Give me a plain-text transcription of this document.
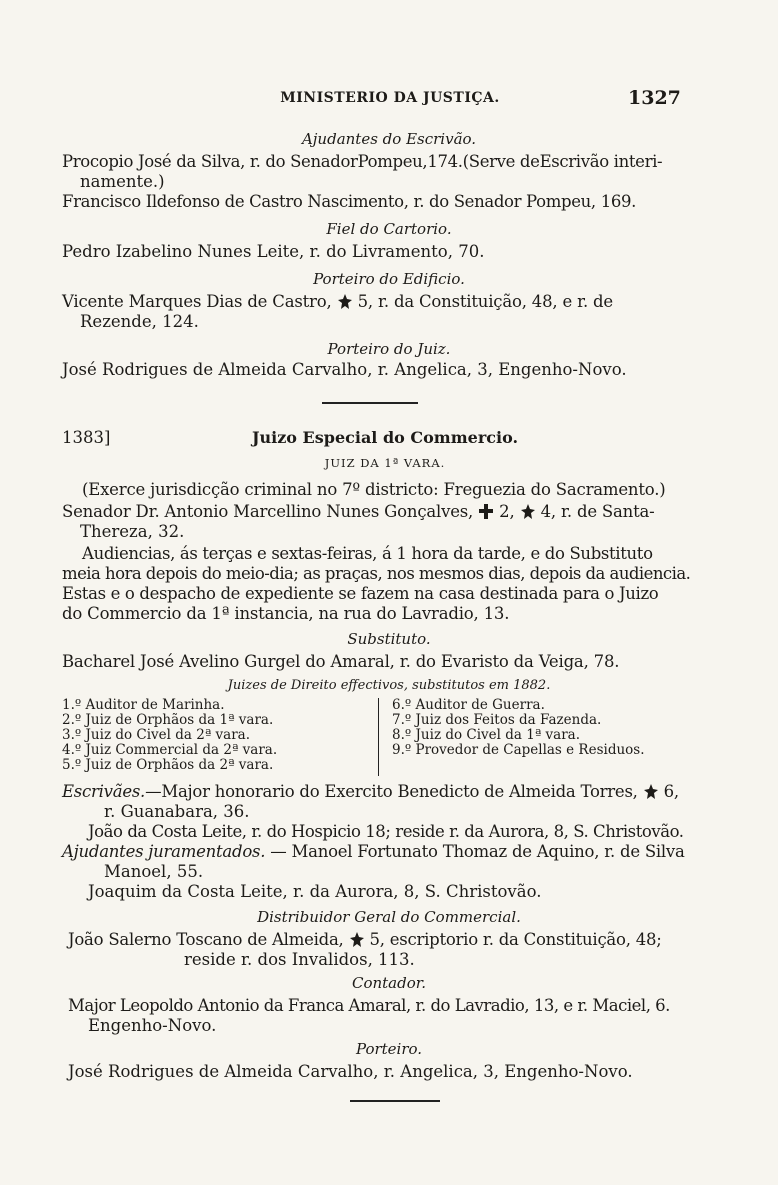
MINISTERIO DA JUSTIÇA.	1327
Ajudantes do Escrivão.
Procopio José da Silva, r. do SenadorPompeu,174.(Serve deEscrivão interi-
namente.)
Francisco Ildefonso de Castro Nascimento, r. do Senador Pompeu, 169.
Fiel do Cartorio.
Pedro Izabelino Nunes Leite, r. do Livramento, 70.
Porteiro do Edificio.
Vicente Marques Dias de Castro, 5, r. da Constituição, 48, e r. de
Rezende, 124.
Porteiro do Juiz.
José Rodrigues de Almeida Carvalho, r. Angelica, 3, Engenho-Novo.
1383]	Juizo Especial do Commercio.
JUIZ DA 1ª VARA.
(Exerce jurisdicção criminal no 7º districto: Freguezia do Sacramento.)
Senador Dr. Antonio Marcellino Nunes Gonçalves, 2, 4, r. de Santa-
Thereza, 32.
Audiencias, ás terças e sextas-feiras, á 1 hora da tarde, e do Substituto
meia hora depois do meio-dia; as praças, nos mesmos dias, depois da audiencia.
Estas e o despacho de expediente se fazem na casa destinada para o Juizo
do Commercio da 1ª instancia, na rua do Lavradio, 13.
Substituto.
Bacharel José Avelino Gurgel do Amaral, r. do Evaristo da Veiga, 78.
Juizes de Direito effectivos, substitutos em 1882.
1.º Auditor de Marinha.
2.º Juiz de Orphãos da 1ª vara.
3.º Juiz do Civel da 2ª vara.
4.º Juiz Commercial da 2ª vara.
5.º Juiz de Orphãos da 2ª vara.
6.º Auditor de Guerra.
7.º Juiz dos Feitos da Fazenda.
8.º Juiz do Civel da 1ª vara.
9.º Provedor de Capellas e Residuos.
Escrivães.—Major honorario do Exercito Benedicto de Almeida Torres, 6,
r. Guanabara, 36.
João da Costa Leite, r. do Hospicio 18; reside r. da Aurora, 8, S. Christovão.
Ajudantes juramentados. — Manoel Fortunato Thomaz de Aquino, r. de Silva
Manoel, 55.
Joaquim da Costa Leite, r. da Aurora, 8, S. Christovão.
Distribuidor Geral do Commercial.
João Salerno Toscano de Almeida, 5, escriptorio r. da Constituição, 48;
reside r. dos Invalidos, 113.
Contador.
Major Leopoldo Antonio da Franca Amaral, r. do Lavradio, 13, e r. Maciel, 6.
Engenho-Novo.
Porteiro.
José Rodrigues de Almeida Carvalho, r. Angelica, 3, Engenho-Novo.
